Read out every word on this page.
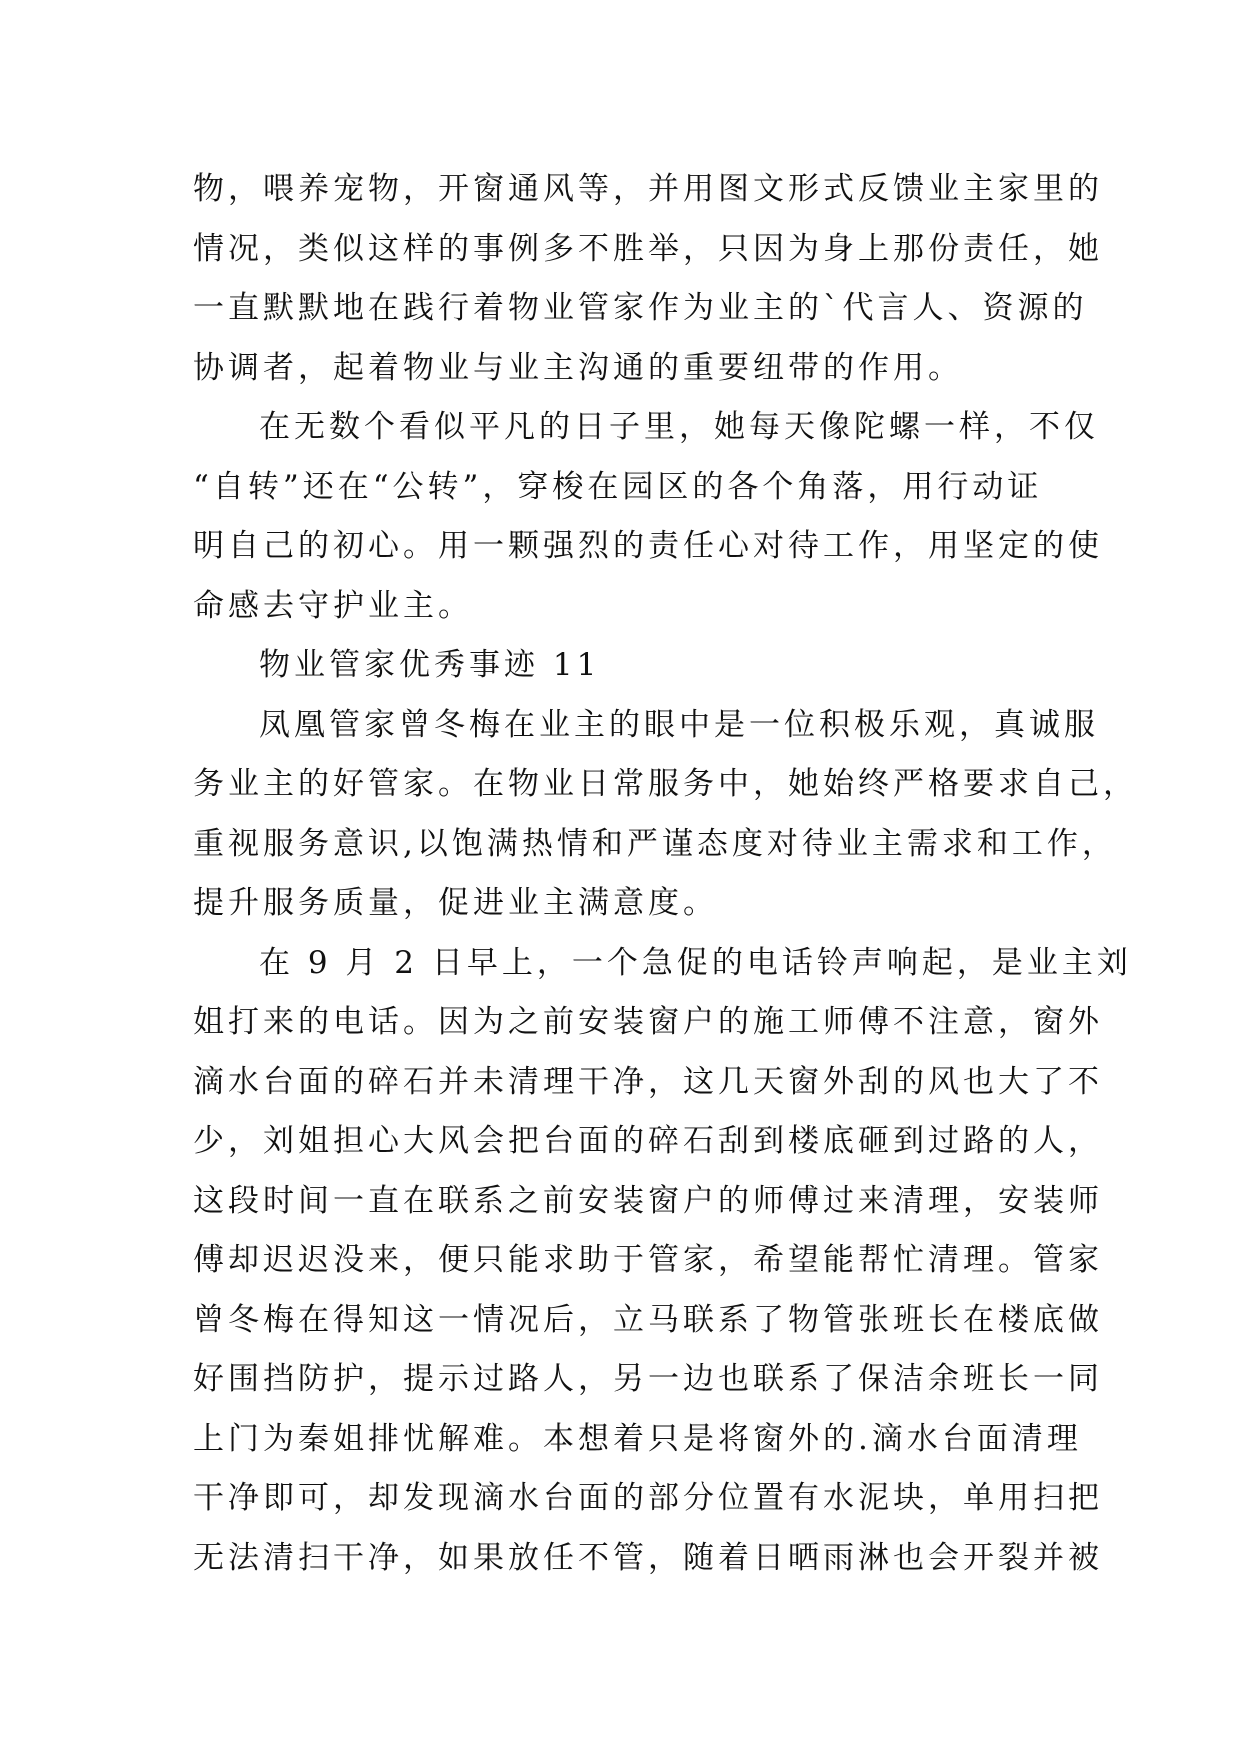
物，喂养宠物，开窗通风等，并用图文形式反馈业主家里的
情况，类似这样的事例多不胜举，只因为身上那份责任，她
一直默默地在践行着物业管家作为业主的`代言人、资源的
协调者，起着物业与业主沟通的重要纽带的作用。
在无数个看似平凡的日子里，她每天像陀螺一样，不仅
“自转”还在“公转”，穿梭在园区的各个角落，用行动证
明自己的初心。用一颗强烈的责任心对待工作，用坚定的使
命感去守护业主。
物业管家优秀事迹 11
凤凰管家曾冬梅在业主的眼中是一位积极乐观，真诚服
务业主的好管家。在物业日常服务中，她始终严格要求自己，
重视服务意识,以饱满热情和严谨态度对待业主需求和工作，
提升服务质量，促进业主满意度。
在 9 月 2 日早上，一个急促的电话铃声响起，是业主刘
姐打来的电话。因为之前安装窗户的施工师傅不注意，窗外
滴水台面的碎石并未清理干净，这几天窗外刮的风也大了不
少，刘姐担心大风会把台面的碎石刮到楼底砸到过路的人，
这段时间一直在联系之前安装窗户的师傅过来清理，安装师
傅却迟迟没来，便只能求助于管家，希望能帮忙清理。管家
曾冬梅在得知这一情况后，立马联系了物管张班长在楼底做
好围挡防护，提示过路人，另一边也联系了保洁余班长一同
上门为秦姐排忧解难。本想着只是将窗外的.滴水台面清理
干净即可，却发现滴水台面的部分位置有水泥块，单用扫把
无法清扫干净，如果放任不管，随着日晒雨淋也会开裂并被
